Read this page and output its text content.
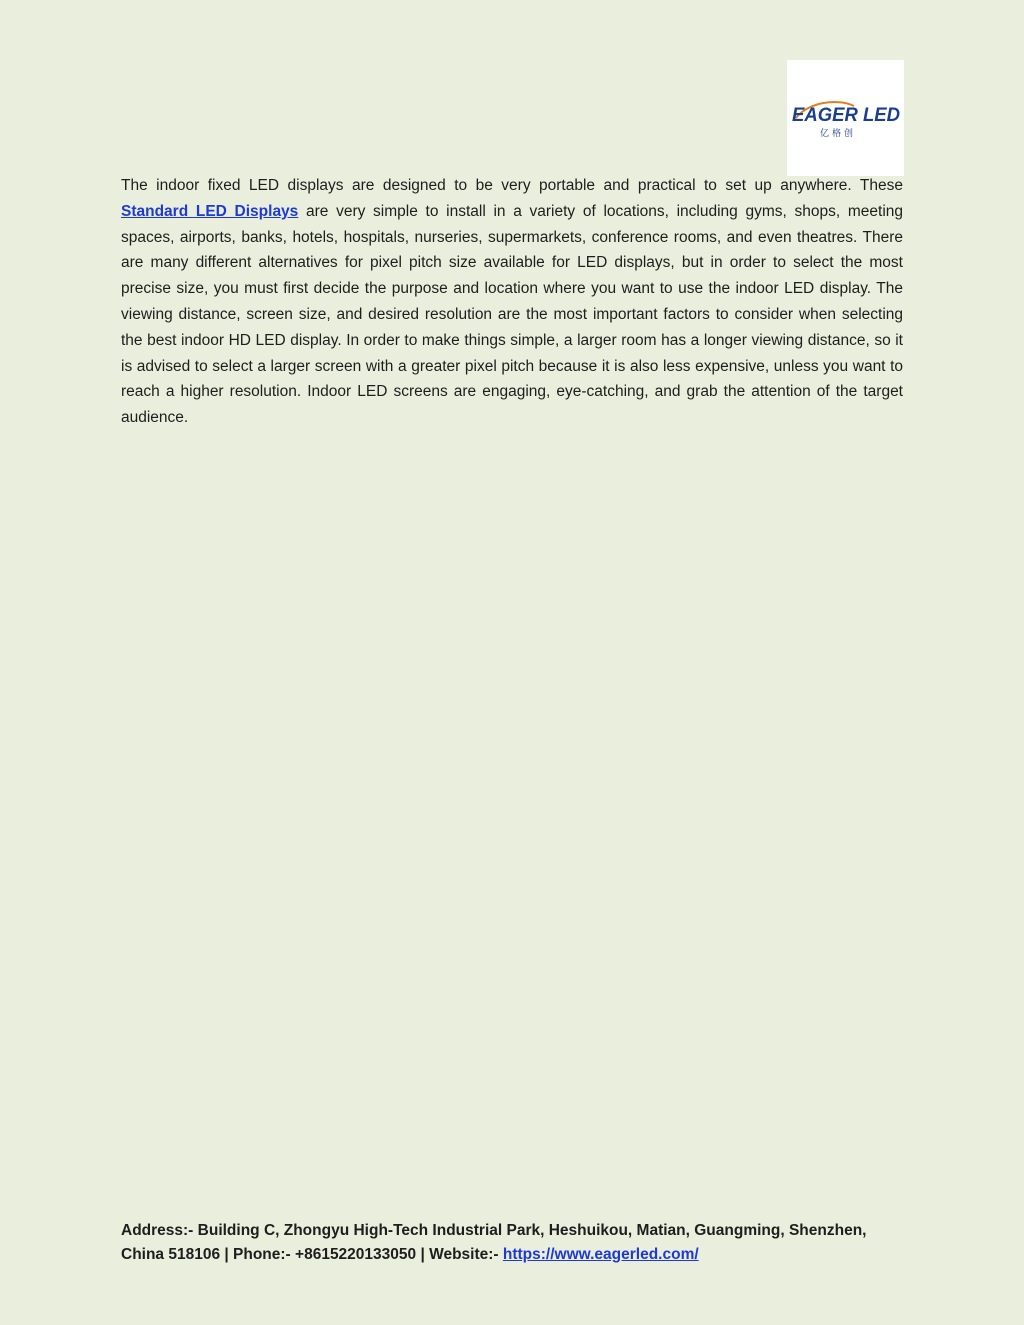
EAGER LED
亿格创

The indoor fixed LED displays are designed to be very portable and practical to set up anywhere. These Standard LED Displays are very simple to install in a variety of locations, including gyms, shops, meeting spaces, airports, banks, hotels, hospitals, nurseries, supermarkets, conference rooms, and even theatres. There are many different alternatives for pixel pitch size available for LED displays, but in order to select the most precise size, you must first decide the purpose and location where you want to use the indoor LED display. The viewing distance, screen size, and desired resolution are the most important factors to consider when selecting the best indoor HD LED display. In order to make things simple, a larger room has a longer viewing distance, so it is advised to select a larger screen with a greater pixel pitch because it is also less expensive, unless you want to reach a higher resolution. Indoor LED screens are engaging, eye-catching, and grab the attention of the target audience.

Address:- Building C, Zhongyu High-Tech Industrial Park, Heshuikou, Matian, Guangming, Shenzhen,
China 518106 | Phone:- +8615220133050 | Website:- https://www.eagerled.com/
